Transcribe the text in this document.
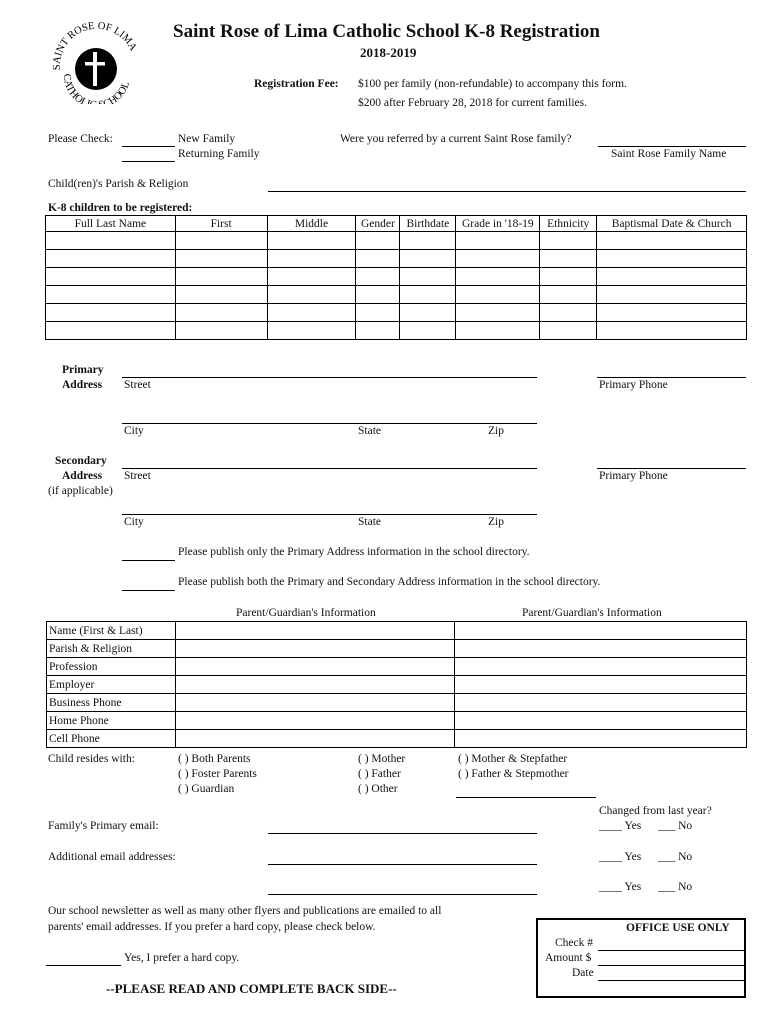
SAINT ROSE OF LIMA
CATHOL CHOOL
Saint Rose of Lima Catholic School K-8 Registration
2018-2019
Registration Fee: $100 per family (non-refundable) to accompany this form.
$200 after February 28, 2018 for current families.
Please Check:	New Family
Returning Family
Were you referred by a current Saint Rose family?
Saint Rose Family Name
Child(ren)'s Parish & Religion
K-8 children to be registered:
Full Last Name	First	Middle	Gender	Birthdate	Grade in '18-19	Ethnicity	Baptismal Date & Church

Primary
Address Street	Primary Phone
City	State	Zip
Secondary
Address
(if applicable)
Street	Primary Phone
City	State	Zip
Please publish only the Primary Address information in the school directory.
Please publish both the Primary and Secondary Address information in the school directory.
Parent/Guardian's Information	Parent/Guardian's Information
Name (First & Last)		
Parish & Religion		
Profession		
Employer		
Business Phone		
Home Phone		
Cell Phone		
Child resides with:	( ) Both Parents
( ) Foster Parents
( ) Guardian
( ) Mother
( ) Father
( ) Other
( ) Mother & Stepfather
( ) Father & Stepmother
Changed from last year?
Family's Primary email:	____ Yes ___ No
Additional email addresses:	____ Yes ___ No
____ Yes ___ No
Our school newsletter as well as many other flyers and publications are emailed to all
parents' email addresses. If you prefer a hard copy, please check below.
Yes, I prefer a hard copy.
OFFICE USE ONLY
Check #
Amount $
Date
--PLEASE READ AND COMPLETE BACK SIDE--
